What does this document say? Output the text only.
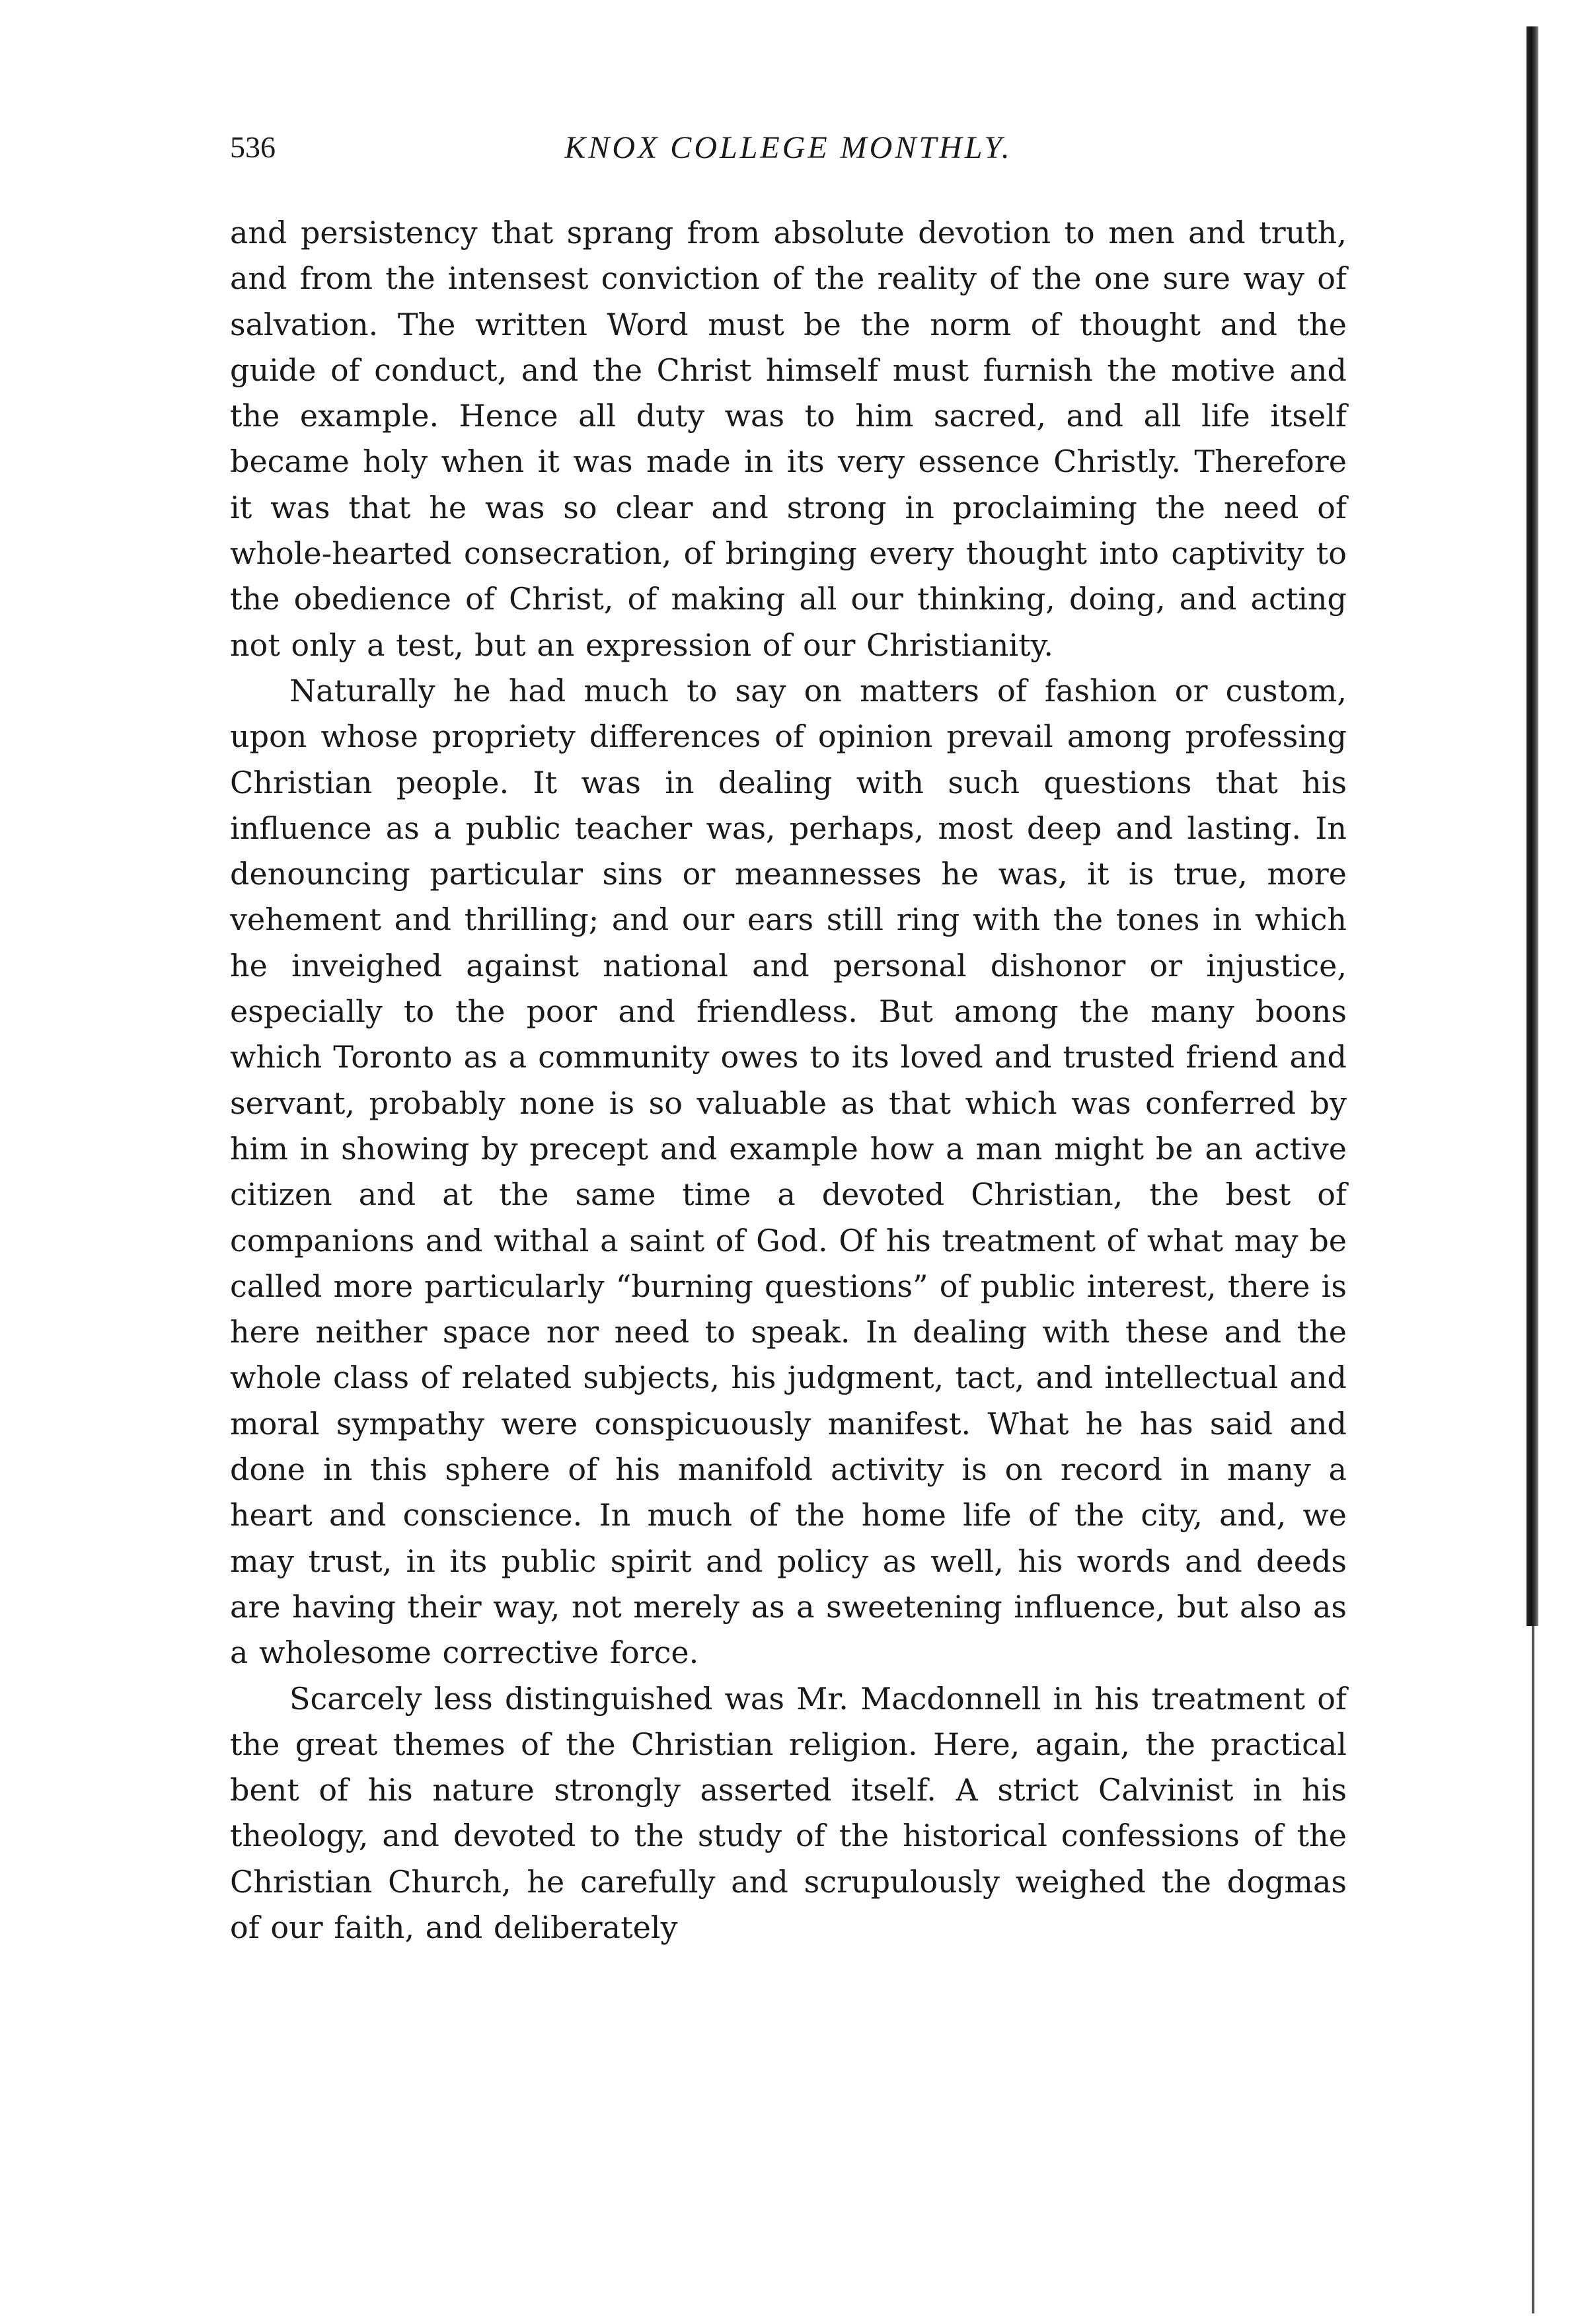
536	KNOX COLLEGE MONTHLY.

and persistency that sprang from absolute devotion to men and truth, and from the intensest conviction of the reality of the one sure way of salvation. The written Word must be the norm of thought and the guide of conduct, and the Christ himself must furnish the motive and the example. Hence all duty was to him sacred, and all life itself became holy when it was made in its very essence Christly. Therefore it was that he was so clear and strong in proclaiming the need of whole-hearted consecration, of bringing every thought into captivity to the obedience of Christ, of making all our thinking, doing, and acting not only a test, but an expression of our Christianity.

Naturally he had much to say on matters of fashion or custom, upon whose propriety differences of opinion prevail among professing Christian people. It was in dealing with such questions that his influence as a public teacher was, perhaps, most deep and lasting. In denouncing particular sins or meannesses he was, it is true, more vehement and thrilling; and our ears still ring with the tones in which he inveighed against national and personal dishonor or injustice, especially to the poor and friendless. But among the many boons which Toronto as a community owes to its loved and trusted friend and servant, probably none is so valuable as that which was conferred by him in showing by precept and example how a man might be an active citizen and at the same time a devoted Christian, the best of companions and withal a saint of God. Of his treatment of what may be called more particularly “burning questions” of public interest, there is here neither space nor need to speak. In dealing with these and the whole class of related subjects, his judgment, tact, and intellectual and moral sympathy were conspicuously manifest. What he has said and done in this sphere of his manifold activity is on record in many a heart and conscience. In much of the home life of the city, and, we may trust, in its public spirit and policy as well, his words and deeds are having their way, not merely as a sweetening influence, but also as a wholesome corrective force.

Scarcely less distinguished was Mr. Macdonnell in his treatment of the great themes of the Christian religion. Here, again, the practical bent of his nature strongly asserted itself. A strict Calvinist in his theology, and devoted to the study of the historical confessions of the Christian Church, he carefully and scrupulously weighed the dogmas of our faith, and deliberately
